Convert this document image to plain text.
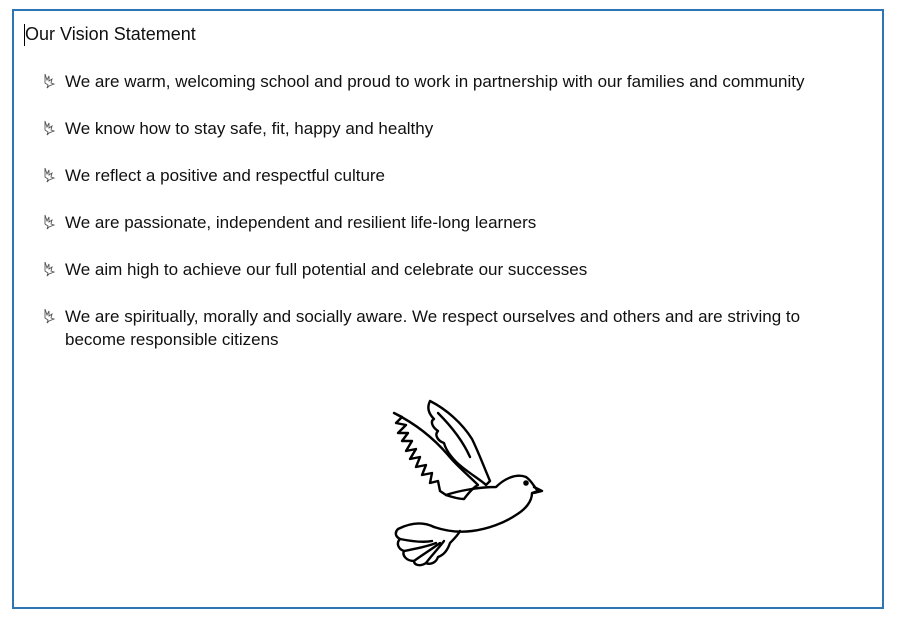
Our Vision Statement
We are warm, welcoming school and proud to work in partnership with our families and community
We know how to stay safe, fit, happy and healthy
We reflect a positive and respectful culture
We are passionate, independent and resilient life-long learners
We aim high to achieve our full potential and celebrate our successes
We are spiritually, morally and socially aware. We respect ourselves and others and are striving to become responsible citizens
